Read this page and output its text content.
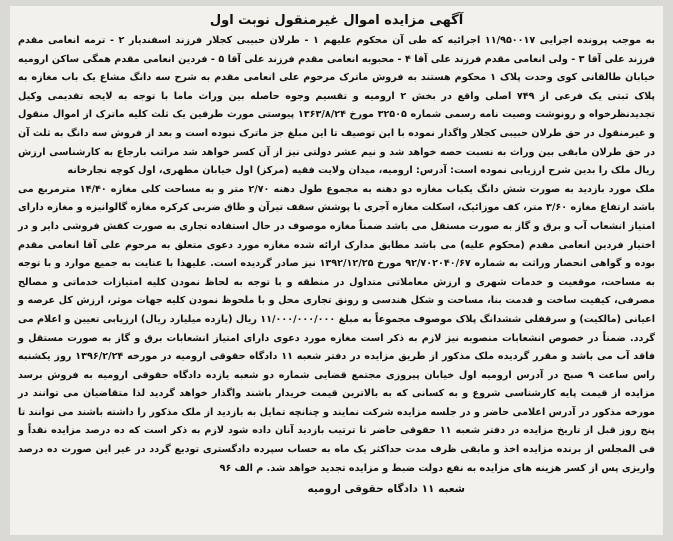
آگهی مزایده اموال غیرمنقول نوبت اول

به موجب پرونده اجرایی ۱۱/۹۵۰۰۱۷ اجرائیه که طی آن محکوم علیهم ۱ - طرلان حبیبی کجلار فرزند اسفندیار ۲ - ترمه انعامی مقدم فرزند علی آقا ۳ - ولی انعامی مقدم فرزند علی آقا ۴ - محبوبه انعامی مقدم فرزند علی آقا ۵ - فردین انعامی مقدم همگی ساکن ارومیه خیابان طالقانی کوی وحدت پلاک ۱ محکوم هستند به فروش ماترک مرحوم علی انعامی مقدم به شرح سه دانگ مشاع یک باب مغازه به پلاک ثبتی یک فرعی از ۷۴۹ اصلی واقع در بخش ۲ ارومیه و تقسیم وجوه حاصله بین وراث ماما با توجه به لایحه تقدیمی وکیل تجدیدنظرخواه و رونوشت وصیت نامه رسمی شماره ۳۲۵۰۵ مورخ ۱۳۶۳/۸/۲۴ پیوستی مورث طرفین یک ثلث کلیه ماترک از اموال منقول و غیرمنقول در حق طرلان حبیبی کجلار واگذار نموده با این توصیف تا این مبلغ جز ماترک نبوده است و بعد از فروش سه دانگ به ثلث آن در حق طرلان مابقی بین وراث به نسبت حصه خواهد شد و نیم عشر دولتی نیز از آن کسر خواهد شد مراتب بارجاع به کارشناسی ارزش ریال ملک را بدین شرح ارزیابی نموده است: آدرس: ارومیه، میدان ولایت فقیه (مرکز) اول خیابان مطهری، اول کوچه نجارخانه

ملک مورد بازدید به صورت شش دانگ یکباب مغازه دو دهنه به مجموع طول دهنه ۲/۷۰ متر و به مساحت کلی مغازه ۱۴/۴۰ مترمربع می باشد ارتفاع مغازه ۳/۶۰ متر، کف موزائیک، اسکلت مغازه آجری با پوشش سقف تیرآن و طاق ضربی کرکره مغازه گالوانیزه و مغازه دارای امتیاز انشعاب آب و برق و گاز به صورت مستقل می باشد ضمناً مغازه موصوف در حال استفاده تجاری به صورت کفش فروشی دایر و در اختیار فردین انعامی مقدم (محکوم علیه) می باشد مطابق مدارک ارائه شده مغازه مورد دعوی متعلق به مرحوم علی آقا انعامی مقدم بوده و گواهی انحصار وراثت به شماره ۹۲/۷۰۲۰۴۰/۶۷ مورخ ۱۳۹۲/۱۲/۲۵ نیز صادر گردیده است. علیهذا با عنایت به جمیع موارد و با توجه به مساحت، موقعیت و خدمات شهری و ارزش معاملاتی متداول در منطقه و با توجه به لحاظ نمودن کلیه امتیازات خدماتی و مصالح مصرفی، کیفیت ساخت و قدمت بنا، مساحت و شکل هندسی و رونق تجاری محل و با ملحوظ نمودن کلیه جهات موثر، ارزش کل عرصه و اعیانی (مالکیت) و سرقفلی ششدانگ پلاک موصوف مجموعاً به مبلغ ۱۱/۰۰۰/۰۰۰/۰۰۰ ریال (یازده میلیارد ریال) ارزیابی تعیین و اعلام می گردد. ضمناً در خصوص انشعابات منصوبه نیز لازم به ذکر است مغازه مورد دعوی دارای امتیاز انشعابات برق و گاز به صورت مستقل و فاقد آب می باشد و مقرر گردیده ملک مذکور از طریق مزایده در دفتر شعبه ۱۱ دادگاه حقوقی ارومیه در مورخه ۱۳۹۶/۲/۲۴ روز یکشنبه راس ساعت ۹ صبح در آدرس ارومیه اول خیابان پیروزی مجتمع قضایی شماره دو شعبه یازده دادگاه حقوقی ارومیه به فروش برسد مزایده از قیمت پایه کارشناسی شروع و به کسانی که به بالاترین قیمت خریدار باشند واگذار خواهد گردید لذا متقاضیان می توانند در مورخه مذکور در آدرس اعلامی حاضر و در جلسه مزایده شرکت نمایند و چنانچه تمایل به بازدید از ملک مذکور را داشته باشند می توانند تا پنج روز قبل از تاریخ مزایده در دفتر شعبه ۱۱ حقوقی حاضر تا ترتیب بازدید آنان داده شود لازم به ذکر است که ده درصد مزایده نقداً و فی المجلس از برنده مزایده اخذ و مابقی ظرف مدت حداکثر یک ماه به حساب سپرده دادگستری تودیع گردد در غیر این صورت ده درصد واریزی پس از کسر هزینه های مزایده به نفع دولت ضبط و مزایده تجدید خواهد شد. م الف ۹۶

شعبه ۱۱ دادگاه حقوقی ارومیه
